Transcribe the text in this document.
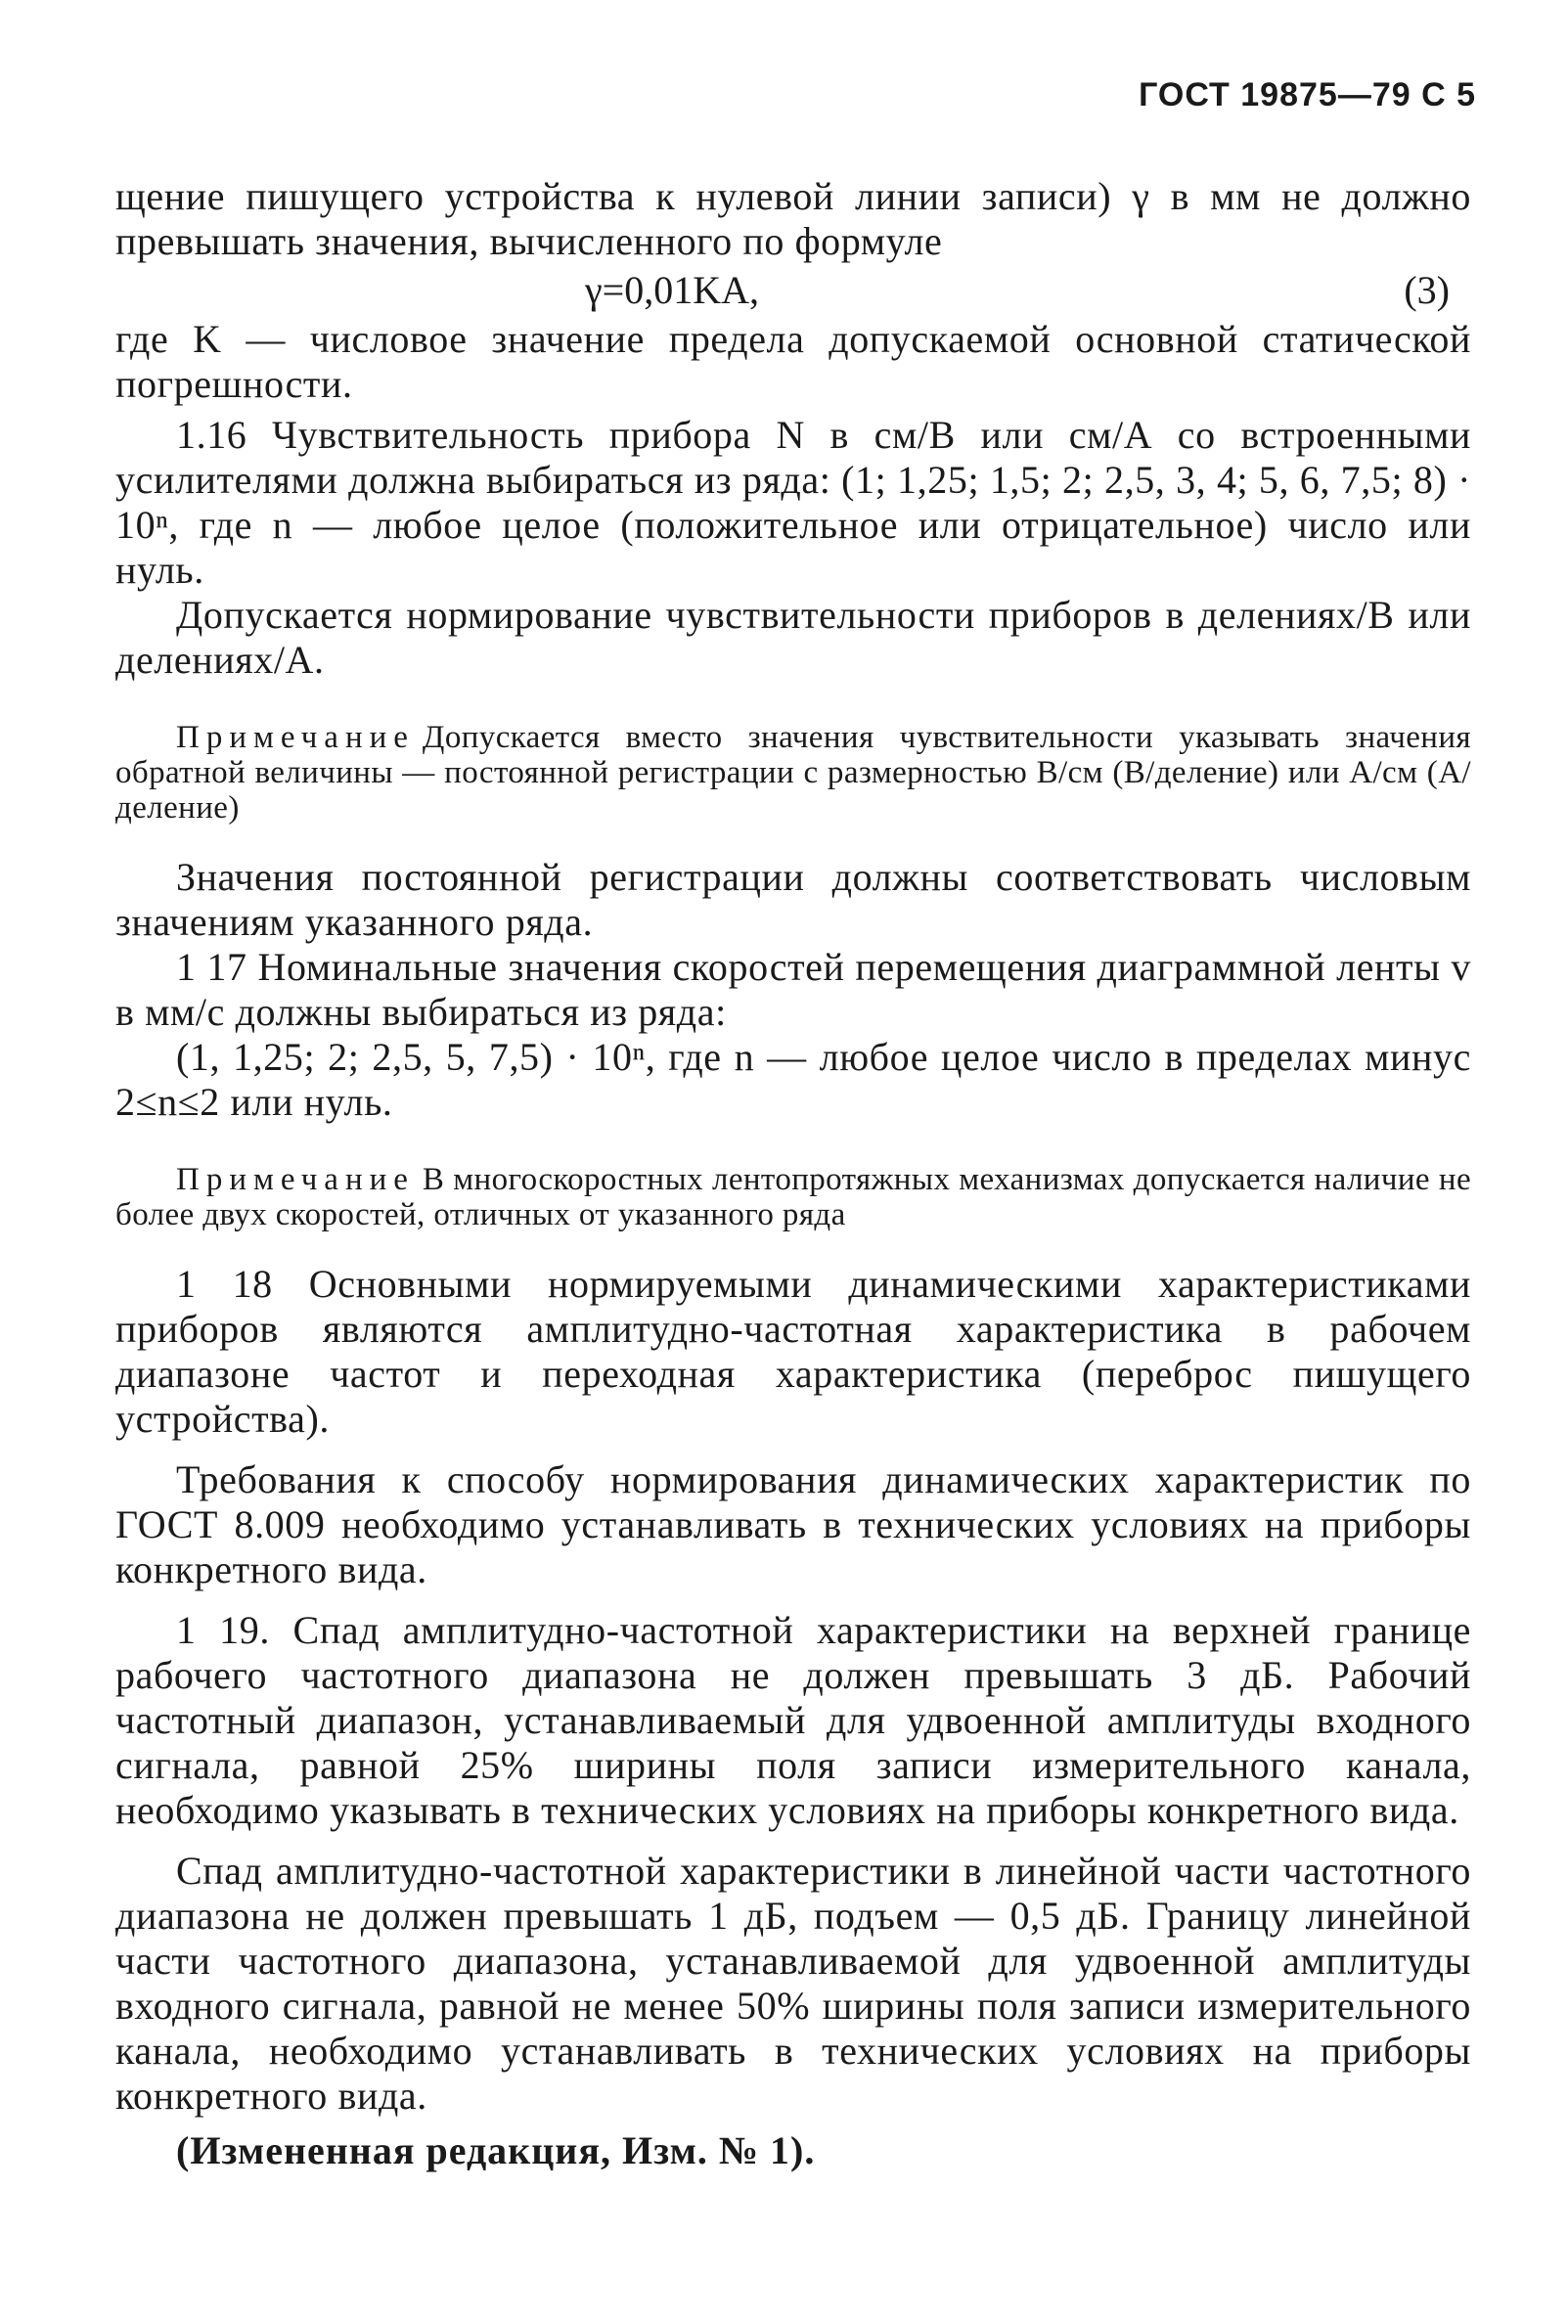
ГОСТ 19875—79 С 5

щение пишущего устройства к нулевой линии записи) γ в мм не должно превышать значения, вычисленного по формуле

γ=0,01KA,	(3)

где K — числовое значение предела допускаемой основной статической погрешности.

1.16 Чувствительность прибора N в см/В или см/А со встроенными усилителями должна выбираться из ряда: (1; 1,25; 1,5; 2; 2,5, 3, 4; 5, 6, 7,5; 8) · 10ⁿ, где n — любое целое (положительное или отрицательное) число или нуль.

Допускается нормирование чувствительности приборов в делениях/В или делениях/А.

Примечание Допускается вместо значения чувствительности указывать значения обратной величины — постоянной регистрации с размерностью В/см (В/деление) или А/см (А/деление)

Значения постоянной регистрации должны соответствовать числовым значениям указанного ряда.

1 17 Номинальные значения скоростей перемещения диаграммной ленты v в мм/с должны выбираться из ряда:

(1, 1,25; 2; 2,5, 5, 7,5) · 10ⁿ, где n — любое целое число в пределах минус 2≤n≤2 или нуль.

Примечание В многоскоростных лентопротяжных механизмах допускается наличие не более двух скоростей, отличных от указанного ряда

1 18 Основными нормируемыми динамическими характеристиками приборов являются амплитудно-частотная характеристика в рабочем диапазоне частот и переходная характеристика (переброс пишущего устройства).

Требования к способу нормирования динамических характеристик по ГОСТ 8.009 необходимо устанавливать в технических условиях на приборы конкретного вида.

1 19. Спад амплитудно-частотной характеристики на верхней границе рабочего частотного диапазона не должен превышать 3 дБ. Рабочий частотный диапазон, устанавливаемый для удвоенной амплитуды входного сигнала, равной 25% ширины поля записи измерительного канала, необходимо указывать в технических условиях на приборы конкретного вида.

Спад амплитудно-частотной характеристики в линейной части частотного диапазона не должен превышать 1 дБ, подъем — 0,5 дБ. Границу линейной части частотного диапазона, устанавливаемой для удвоенной амплитуды входного сигнала, равной не менее 50% ширины поля записи измерительного канала, необходимо устанавливать в технических условиях на приборы конкретного вида.

(Измененная редакция, Изм. № 1).
